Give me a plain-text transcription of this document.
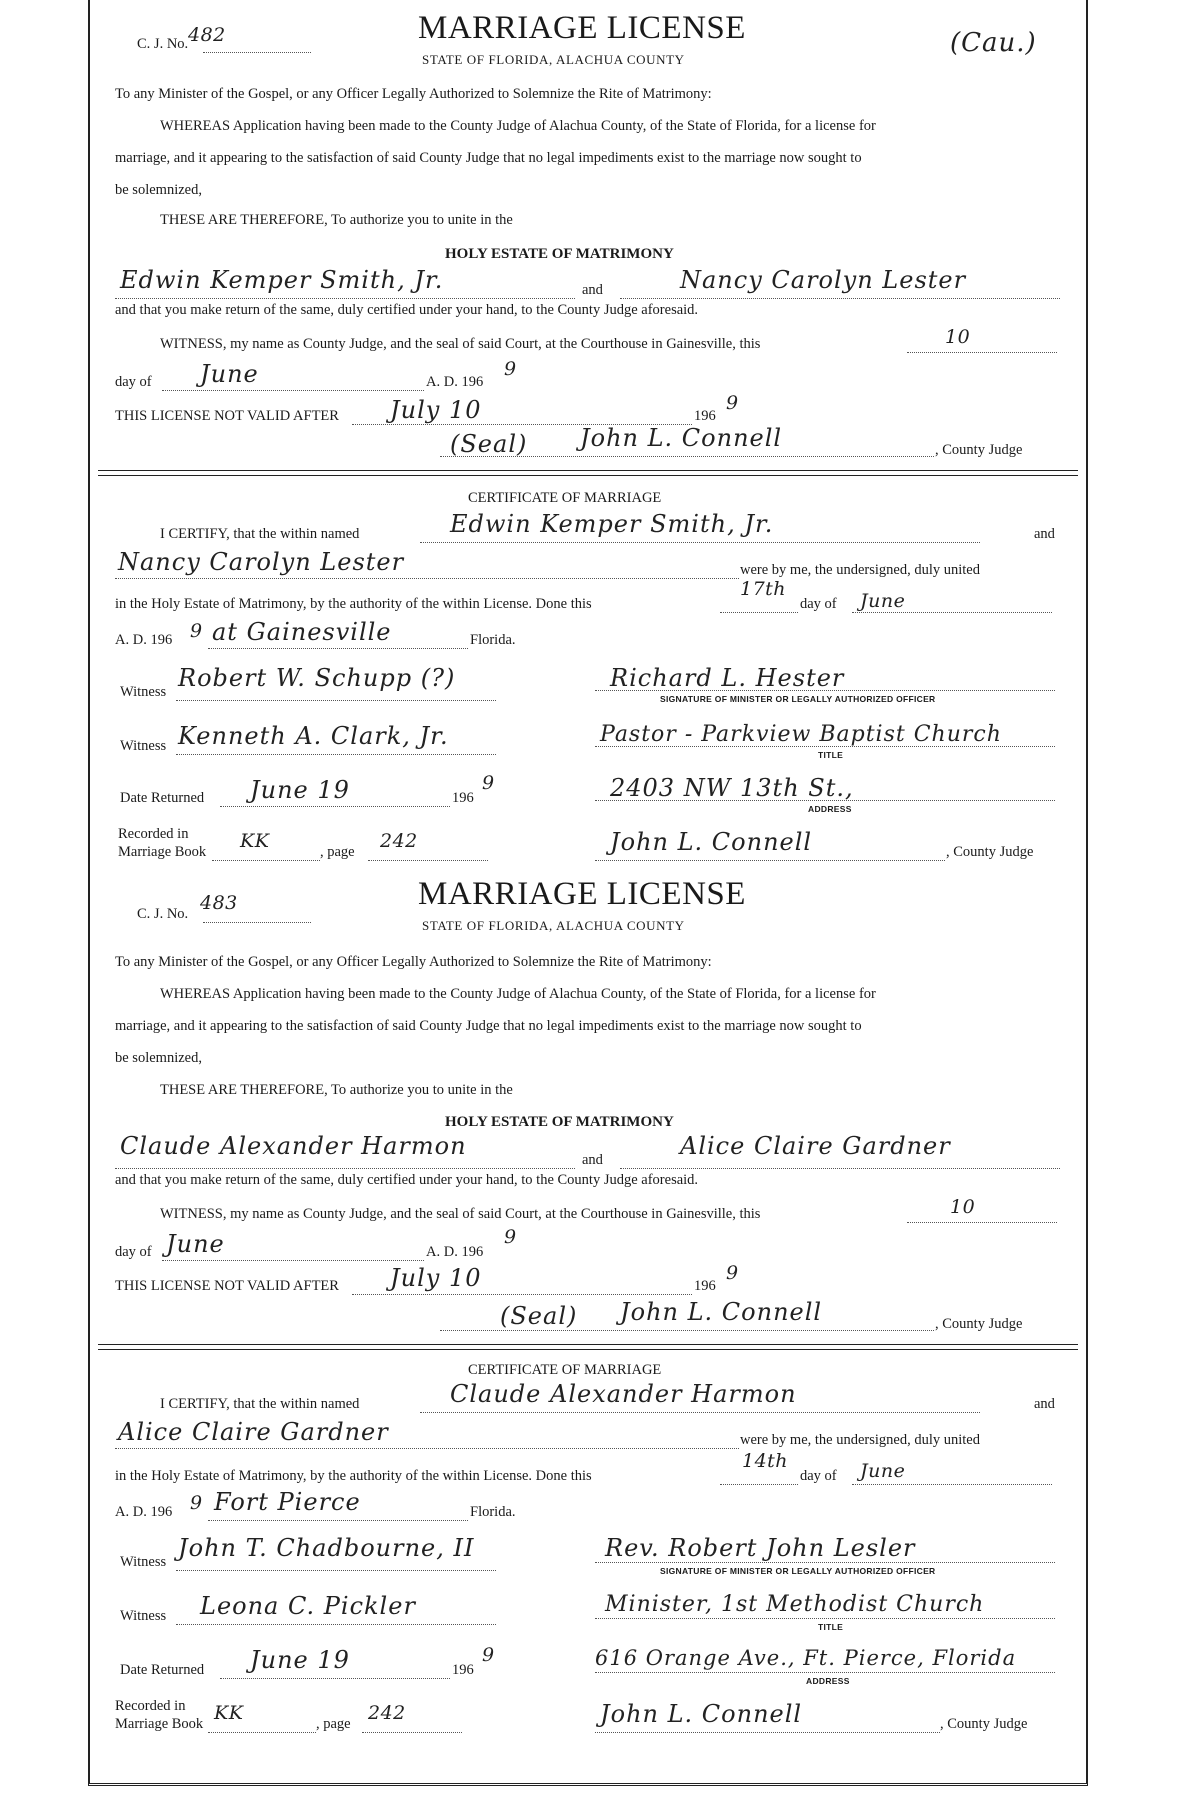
C. J. No. 482	MARRIAGE LICENSE
STATE OF FLORIDA, ALACHUA COUNTY
(Cau.)
To any Minister of the Gospel, or any Officer Legally Authorized to Solemnize the Rite of Matrimony:
WHEREAS Application having been made to the County Judge of Alachua County, of the State of Florida, for a license for
marriage, and it appearing to the satisfaction of said County Judge that no legal impediments exist to the marriage now sought to
be solemnized,
THESE ARE THEREFORE, To authorize you to unite in the
HOLY ESTATE OF MATRIMONY
Edwin Kemper Smith, Jr.	and	Nancy Carolyn Lester
and that you make return of the same, duly certified under your hand, to the County Judge aforesaid.
WITNESS, my name as County Judge, and the seal of said Court, at the Courthouse in Gainesville, this	10
day of June	A. D. 196
9
THIS LICENSE NOT VALID AFTER July 10	196
9
(Seal) John L. Connell	, County Judge
CERTIFICATE OF MARRIAGE
I CERTIFY, that the within named	Edwin Kemper Smith, Jr.	and
Nancy Carolyn Lester	were by me, the undersigned, duly united
in the Holy Estate of Matrimony, by the authority of the within License. Done this
17th
day of June
A. D. 196 9 at Gainesville	Florida.
Witness Robert W. Schupp (?)	Richard L. Hester
SIGNATURE OF MINISTER OR LEGALLY AUTHORIZED OFFICER
Witness Kenneth A. Clark, Jr.	Pastor - Parkview Baptist Church
TITLE
Date Returned June 19	196
9	2403 NW 13th St.,
ADDRESS
Recorded in
Marriage Book KK	, page 242	John L. Connell	, County Judge
C. J. No. 483	MARRIAGE LICENSE
STATE OF FLORIDA, ALACHUA COUNTY
To any Minister of the Gospel, or any Officer Legally Authorized to Solemnize the Rite of Matrimony:
WHEREAS Application having been made to the County Judge of Alachua County, of the State of Florida, for a license for
marriage, and it appearing to the satisfaction of said County Judge that no legal impediments exist to the marriage now sought to
be solemnized,
THESE ARE THEREFORE, To authorize you to unite in the
HOLY ESTATE OF MATRIMONY
Claude Alexander Harmon	and	Alice Claire Gardner
and that you make return of the same, duly certified under your hand, to the County Judge aforesaid.
WITNESS, my name as County Judge, and the seal of said Court, at the Courthouse in Gainesville, this	10
day of June	A. D. 196
9
THIS LICENSE NOT VALID AFTER July 10	196
9
(Seal) John L. Connell	, County Judge
CERTIFICATE OF MARRIAGE
I CERTIFY, that the within named	Claude Alexander Harmon	and
Alice Claire Gardner	were by me, the undersigned, duly united
in the Holy Estate of Matrimony, by the authority of the within License. Done this
14th
day of June
A. D. 196 9 Fort Pierce	Florida.
Witness John T. Chadbourne, II	Rev. Robert John Lesler
SIGNATURE OF MINISTER OR LEGALLY AUTHORIZED OFFICER
Witness Leona C. Pickler	Minister, 1st Methodist Church
TITLE
Date Returned June 19	196
9	616 Orange Ave., Ft. Pierce, Florida
ADDRESS
Recorded in
Marriage Book KK	, page 242	John L. Connell	, County Judge
